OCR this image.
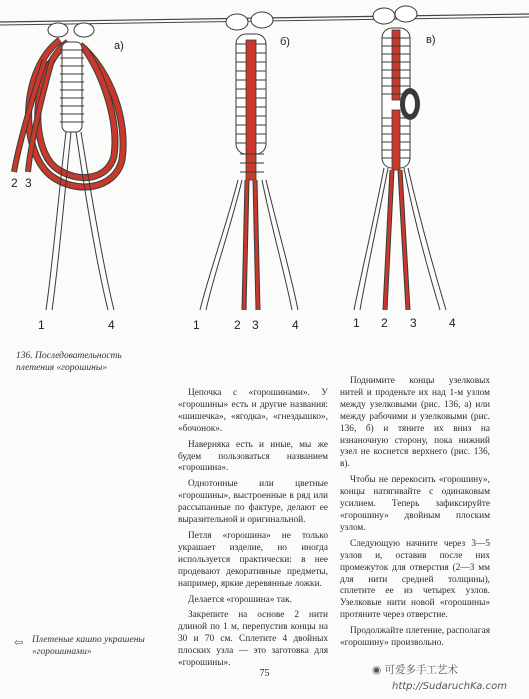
а)	б)	в)
2 3
1	4	1	2 3	4	1 2 3	4
136. Последовательность плетения «горошины»
⇦ Плетеные кашпо украшены «горошинами»

Цепочка с «горошинами». У «горошины» есть и другие названия: «шишечка», «ягодка», «гнездышко», «бочонок».

Наверняка есть и иные, мы же будем пользоваться названием «горошина».

Однотонные или цветные «горошины», выстроенные в ряд или рассыпанные по фактуре, делают ее выразительной и оригинальной.

Петля «горошина» не только украшает изделие, но иногда используется практически: в нее продевают декоративные предметы, например, яркие деревянные ложки.

Делается «горошина» так.

Закрепите на основе 2 нити длиной по 1 м, перепустив концы на 30 и 70 см. Сплетите 4 двойных плоских узла — это заготовка для «горошины».

Поднимите концы узелковых нитей и проденьте их над 1-м узлом между узелковыми (рис. 136, а) или между рабочими и узелковыми (рис. 136, б) и тяните их вниз на изнаночную сторону, пока нижний узел не коснется верхнего (рис. 136, в).

Чтобы не перекосить «горошину», концы натягивайте с одинаковым усилием. Теперь зафиксируйте «горошину» двойным плоским узлом.

Следующую начните через 3—5 узлов и, оставив после них промежуток для отверстия (2—3 мм для нити средней толщины), сплетите ее из четырех узлов. Узелковые нити новой «горошины» протяните через отверстие.

Продолжайте плетение, располагая «горошину» произвольно.

75	◉ 可爱多手工艺术
http://SudaruchKa.com
